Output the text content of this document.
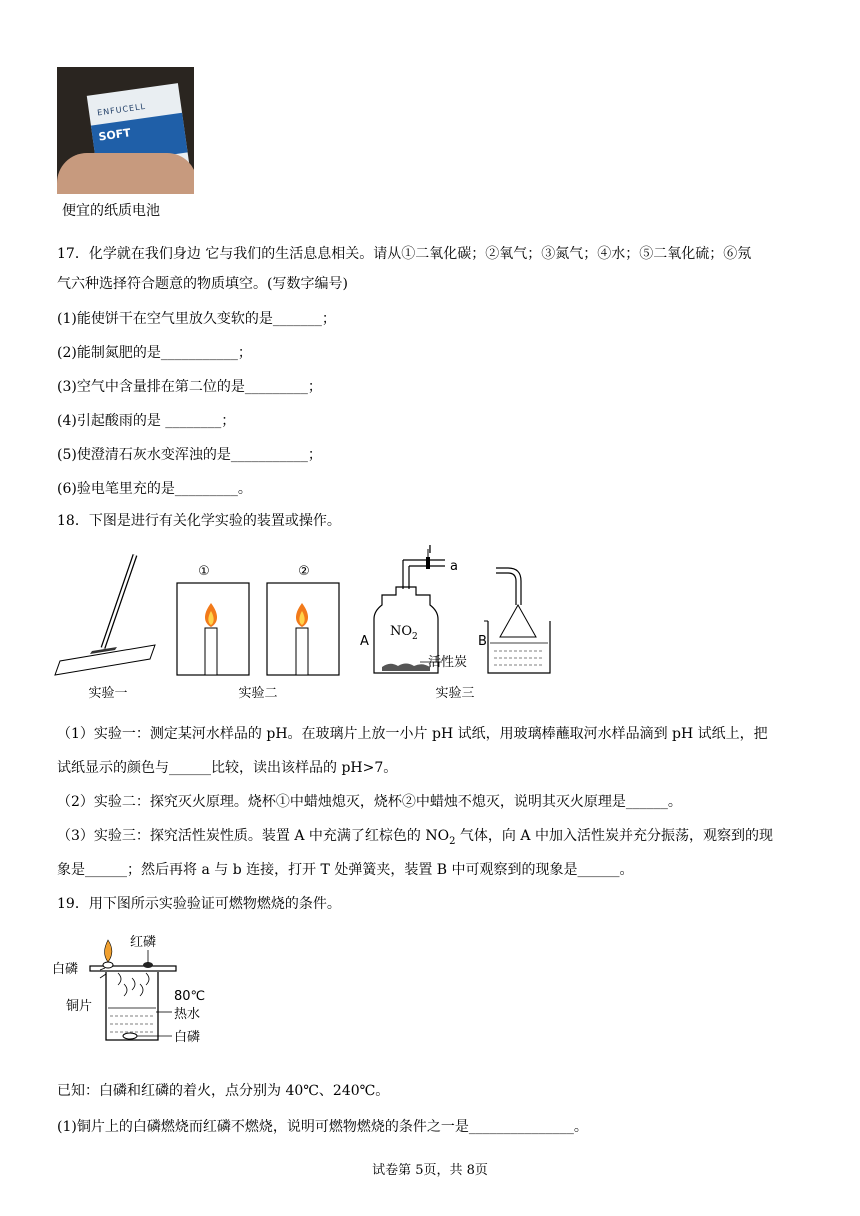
ENFUCELL
SOFT
便宜的纸质电池
17．化学就在我们身边 它与我们的生活息息相关。请从①二氧化碳；②氧气；③氮气；④水；⑤二氧化硫；⑥氖
气六种选择符合题意的物质填空。(写数字编号)
(1)能使饼干在空气里放久变软的是_______；
(2)能制氮肥的是___________；
(3)空气中含量排在第二位的是_________；
(4)引起酸雨的是 ________；
(5)使澄清石灰水变浑浊的是___________；
(6)验电笔里充的是_________。
18．下图是进行有关化学实验的装置或操作。
①	②
T
a
A	B
$NO_2$
活性炭
实验一	实验二	实验三
（1）实验一：测定某河水样品的 pH。在玻璃片上放一小片 pH 试纸，用玻璃棒蘸取河水样品滴到 pH 试纸上，把
试纸显示的颜色与______比较，读出该样品的 pH>7。
（2）实验二：探究灭火原理。烧杯①中蜡烛熄灭，烧杯②中蜡烛不熄灭，说明其灭火原理是______。
（3）实验三：探究活性炭性质。装置 A 中充满了红棕色的 $NO_2$ 气体，向 A 中加入活性炭并充分振荡，观察到的现
象是______；然后再将 a 与 b 连接，打开 T 处弹簧夹，装置 B 中可观察到的现象是______。
19．用下图所示实验验证可燃物燃烧的条件。
红磷
白磷
铜片
80℃
热水
白磷
已知：白磷和红磷的着火，点分别为 40℃、240℃。
(1)铜片上的白磷燃烧而红磷不燃烧，说明可燃物燃烧的条件之一是_______________。
试卷第 5页，共 8页
